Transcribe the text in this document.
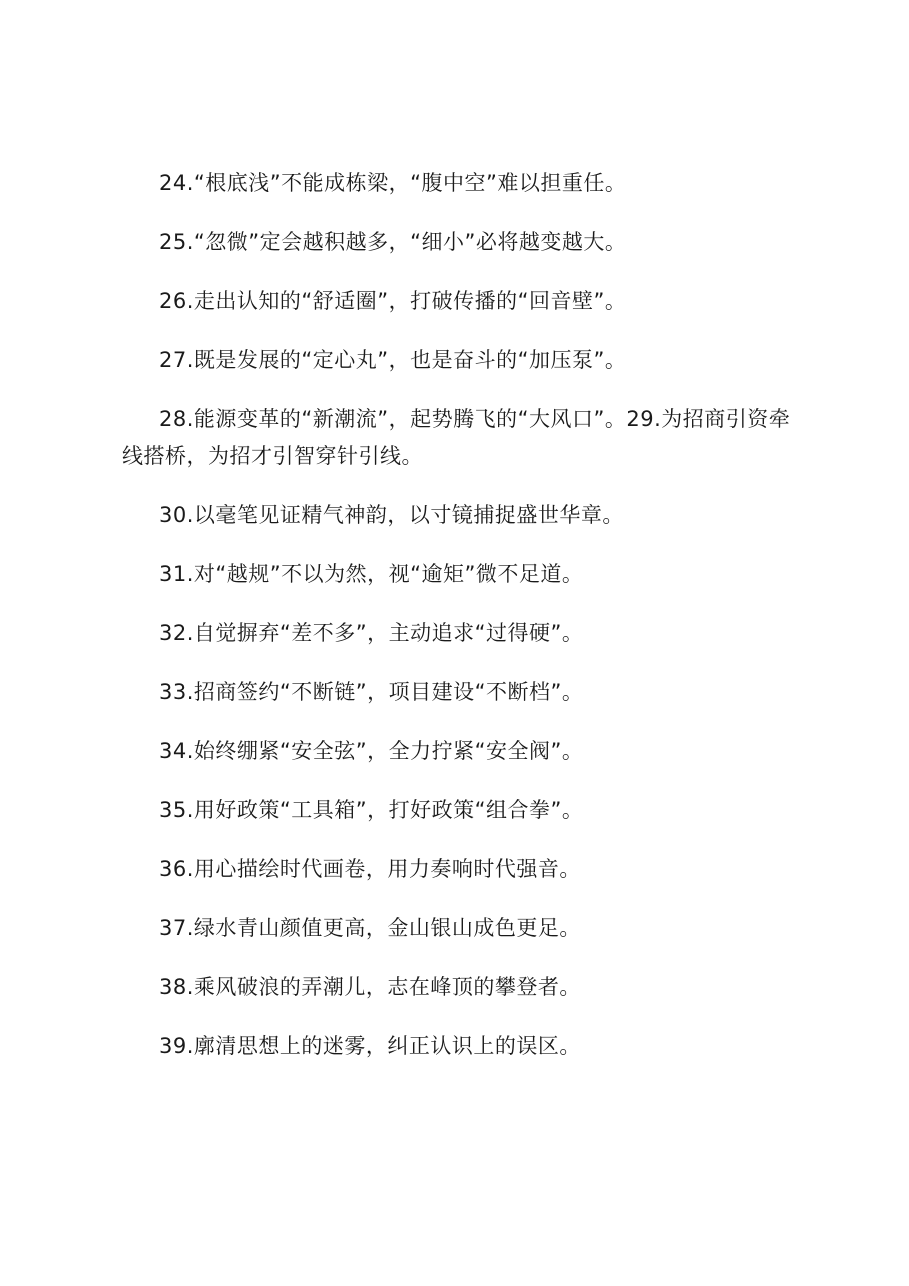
24.“根底浅”不能成栋梁，“腹中空”难以担重任。

25.“忽微”定会越积越多，“细小”必将越变越大。

26.走出认知的“舒适圈”，打破传播的“回音壁”。

27.既是发展的“定心丸”，也是奋斗的“加压泵”。

28.能源变革的“新潮流”，起势腾飞的“大风口”。29.为招商引资牵线搭桥，为招才引智穿针引线。

30.以毫笔见证精气神韵，以寸镜捕捉盛世华章。

31.对“越规”不以为然，视“逾矩”微不足道。

32.自觉摒弃“差不多”，主动追求“过得硬”。

33.招商签约“不断链”，项目建设“不断档”。

34.始终绷紧“安全弦”，全力拧紧“安全阀”。

35.用好政策“工具箱”，打好政策“组合拳”。

36.用心描绘时代画卷，用力奏响时代强音。

37.绿水青山颜值更高，金山银山成色更足。

38.乘风破浪的弄潮儿，志在峰顶的攀登者。

39.廓清思想上的迷雾，纠正认识上的误区。
